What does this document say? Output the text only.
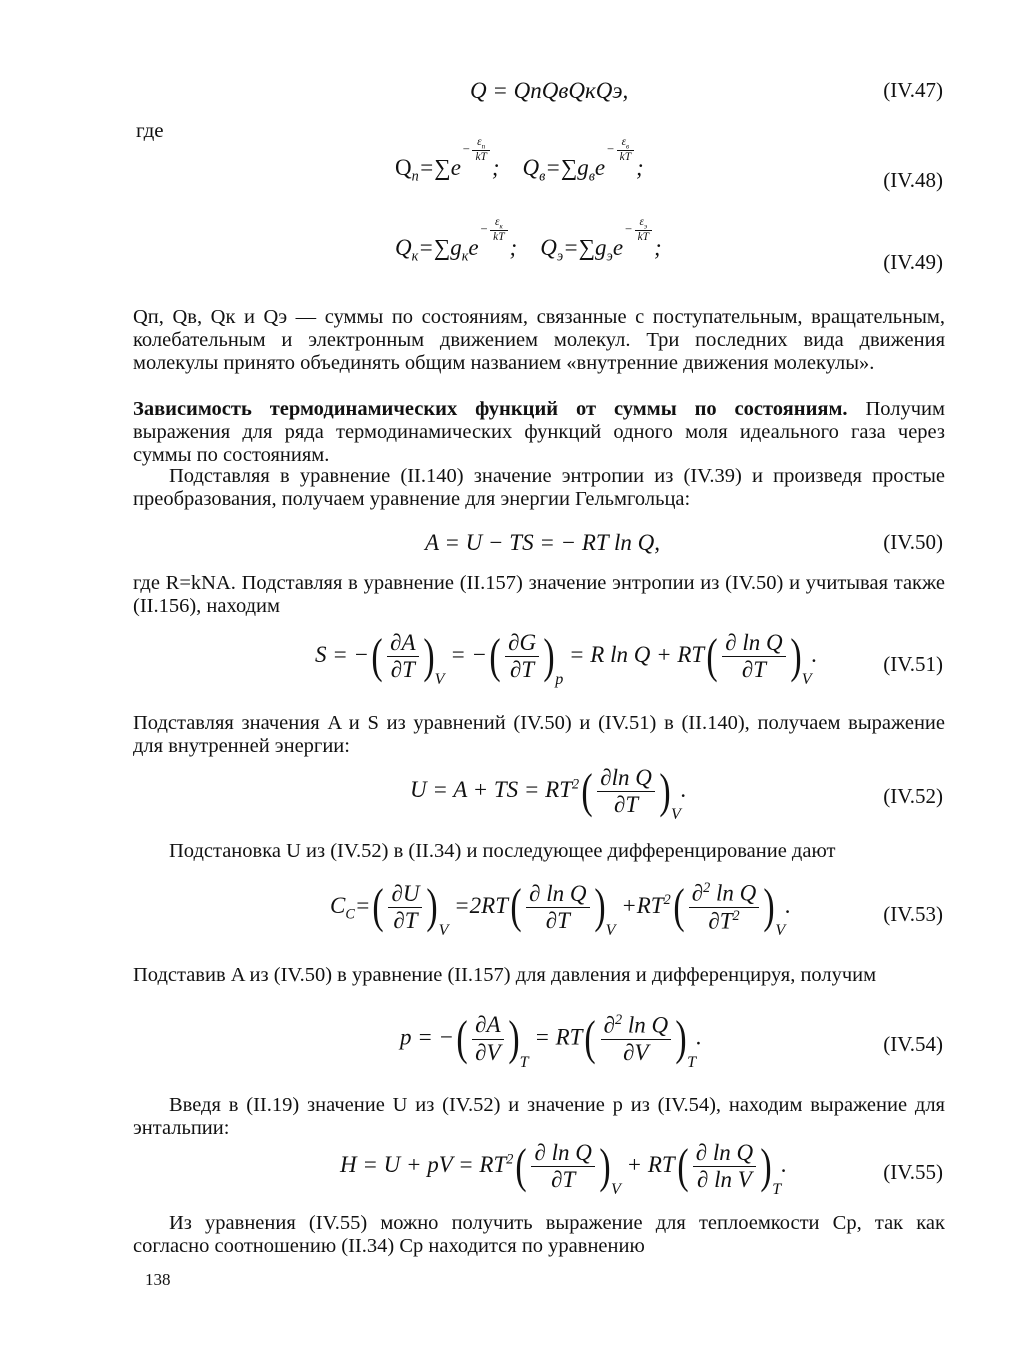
Q = QпQвQкQэ,	(IV.47)
где
$Q_п=\sum e- \frac{\varepsilon_п}{kT}$
;    $Q_в=\sum g_вe- \frac{\varepsilon_в}{kT}$
;	(IV.48)
$Q_к=\sum g_кe- \frac{\varepsilon_к}{kT}$
;    $Q_э=\sum g_эe- \frac{\varepsilon_э}{kT}$
;
(IV.49)
Qп, Qв, Qк и Qэ — суммы по состояниям, связанные с поступательным, вращательным, колебательным и электронным движением молекул. Три последних вида движения молекулы принято объединять общим названием «внутренние движения молекулы».
Зависимость термодинамических функций от суммы по состояниям. Получим выражения для ряда термодинамических функций одного моля идеального газа через суммы по состояниям.
Подставляя в уравнение (II.140) значение энтропии из (IV.39) и произведя простые преобразования, получаем уравнение для энергии Гельмгольца:
A = U − TS = − RT ln Q,	(IV.50)
где R=kNA. Подставляя в уравнение (II.157) значение энтропии из (IV.50) и учитывая также (II.156), находим
S = −( $\frac{\partial A}{\partial T} )V$ = −( $\frac{\partial G}{\partial T} )p = R$ $\ln Q + RT( \frac{\text{∂ ln Q}}{\partial T} )V$.	(IV.51)
Подставляя значения A и S из уравнений (IV.50) и (IV.51) в (II.140), получаем выражение для внутренней энергии:
U = A + TS = $RT^2( \frac{\text{∂ln Q}}{\partial T} )V$.	(IV.52)
Подстановка U из (IV.52) в (II.34) и последующее дифференцирование дают
$C_C=( \frac{\partial U}{\partial T} )V =2RT( \frac{\text{∂ ln Q}}{\partial T} )V +RT^2( \frac{\partial^2 \ln Q}{\partial T^2} )V$.	(IV.53)
Подставив A из (IV.50) в уравнение (II.157) для давления и дифференцируя, получим
p = −( $\frac{\partial A}{\partial V} )T = RT( \frac{\partial^2 \ln Q}{\partial V} )T$.	(IV.54)
Введя в (II.19) значение U из (IV.52) и значение p из (IV.54), находим выражение для энтальпии:
H = U + pV = $RT^2( \frac{\text{∂ ln Q}}{\partial T} )V + RT( \frac{\text{∂ ln Q}}{\text{∂ ln V}} )T$.	(IV.55)
Из уравнения (IV.55) можно получить выражение для теплоемкости Cp, так как согласно соотношению (II.34) Cp находится по уравнению
138
